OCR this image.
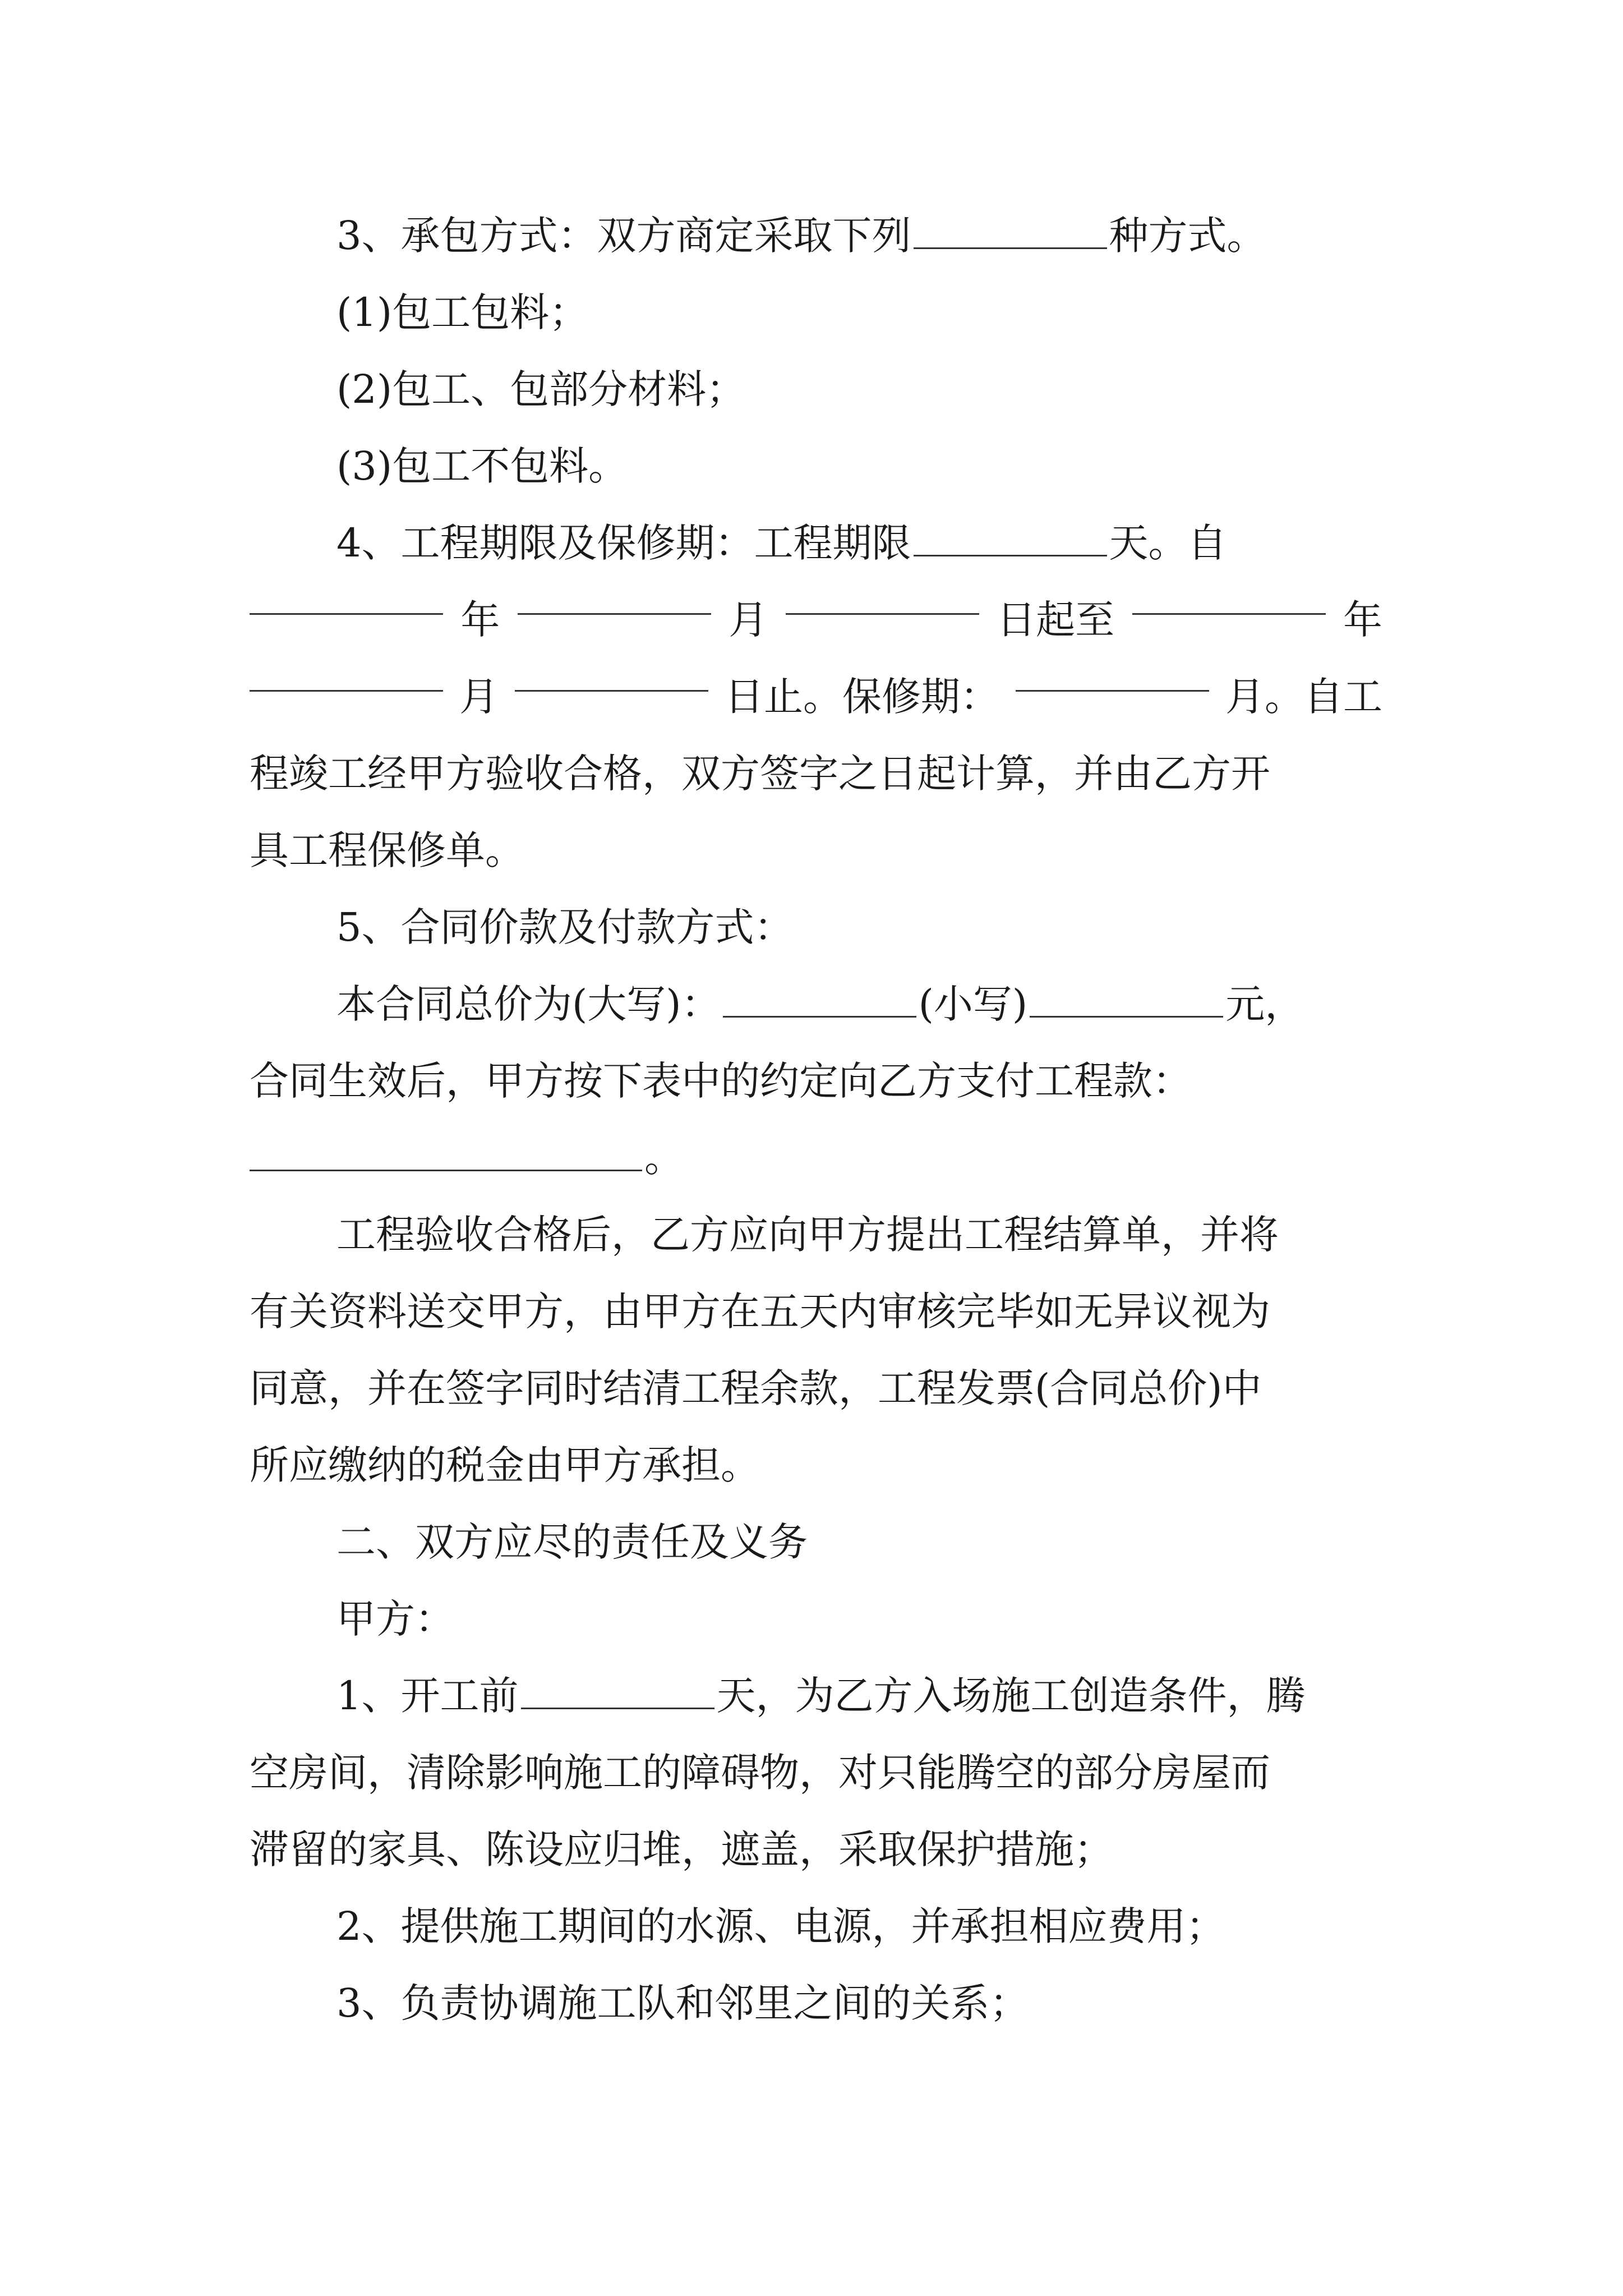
3、承包方式：双方商定采取下列	种方式。
(1)包工包料；
(2)包工、包部分材料；
(3)包工不包料。
4、工程期限及保修期：工程期限	天。自
年	月	日起至	年
月	日止。保修期：	月。自工
程竣工经甲方验收合格，双方签字之日起计算，并由乙方开
具工程保修单。
5、合同价款及付款方式：
本合同总价为(大写)：	(小写)	元，
合同生效后，甲方按下表中的约定向乙方支付工程款：
。
工程验收合格后，乙方应向甲方提出工程结算单，并将
有关资料送交甲方，由甲方在五天内审核完毕如无异议视为
同意，并在签字同时结清工程余款，工程发票(合同总价)中
所应缴纳的税金由甲方承担。
二、双方应尽的责任及义务
甲方：
1、开工前	天，为乙方入场施工创造条件，腾
空房间，清除影响施工的障碍物，对只能腾空的部分房屋而
滞留的家具、陈设应归堆，遮盖，采取保护措施；
2、提供施工期间的水源、电源，并承担相应费用；
3、负责协调施工队和邻里之间的关系；
